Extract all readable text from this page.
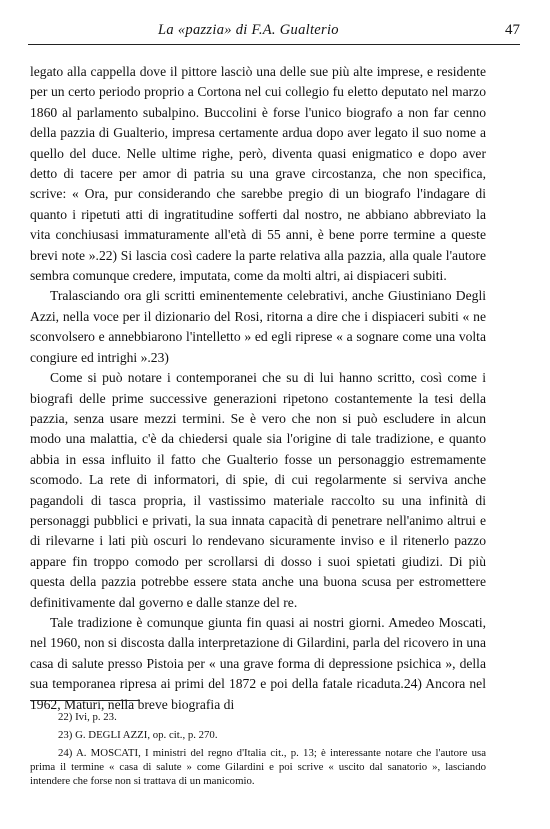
La «pazzia» di F.A. Gualterio	47

legato alla cappella dove il pittore lasciò una delle sue più alte imprese, e residente per un certo periodo proprio a Cortona nel cui collegio fu eletto deputato nel marzo 1860 al parlamento subalpino. Buccolini è forse l'unico biografo a non far cenno della pazzia di Gualterio, impresa certamente ardua dopo aver legato il suo nome a quello del duce. Nelle ultime righe, però, diventa quasi enigmatico e dopo aver detto di tacere per amor di patria su una grave circostanza, che non specifica, scrive: « Ora, pur considerando che sarebbe pregio di un biografo l'indagare di quanto i ripetuti atti di ingratitudine sofferti dal nostro, ne abbiano abbreviato la vita conchiusasi immaturamente all'età di 55 anni, è bene porre termine a queste brevi note ».22) Si lascia così cadere la parte relativa alla pazzia, alla quale l'autore sembra comunque credere, imputata, come da molti altri, ai dispiaceri subiti.

Tralasciando ora gli scritti eminentemente celebrativi, anche Giustiniano Degli Azzi, nella voce per il dizionario del Rosi, ritorna a dire che i dispiaceri subiti « ne sconvolsero e annebbiarono l'intelletto » ed egli riprese « a sognare come una volta congiure ed intrighi ».23)

Come si può notare i contemporanei che su di lui hanno scritto, così come i biografi delle prime successive generazioni ripetono costantemente la tesi della pazzia, senza usare mezzi termini. Se è vero che non si può escludere in alcun modo una malattia, c'è da chiedersi quale sia l'origine di tale tradizione, e quanto abbia in essa influito il fatto che Gualterio fosse un personaggio estremamente scomodo. La rete di informatori, di spie, di cui regolarmente si serviva anche pagandoli di tasca propria, il vastissimo materiale raccolto su una infinità di personaggi pubblici e privati, la sua innata capacità di penetrare nell'animo altrui e di rilevarne i lati più oscuri lo rendevano sicuramente inviso e il ritenerlo pazzo appare fin troppo comodo per scrollarsi di dosso i suoi spietati giudizi. Di più questa della pazzia potrebbe essere stata anche una buona scusa per estromettere definitivamente dal governo e dalle stanze del re.

Tale tradizione è comunque giunta fin quasi ai nostri giorni. Amedeo Moscati, nel 1960, non si discosta dalla interpretazione di Gilardini, parla del ricovero in una casa di salute presso Pistoia per « una grave forma di depressione psichica », della sua temporanea ripresa ai primi del 1872 e poi della fatale ricaduta.24) Ancora nel 1962, Maturi, nella breve biografia di

22) Ivi, p. 23.

23) G. DEGLI AZZI, op. cit., p. 270.

24) A. MOSCATI, I ministri del regno d'Italia cit., p. 13; è interessante notare che l'autore usa prima il termine « casa di salute » come Gilardini e poi scrive « uscito dal sanatorio », lasciando intendere che forse non si trattava di un manicomio.
